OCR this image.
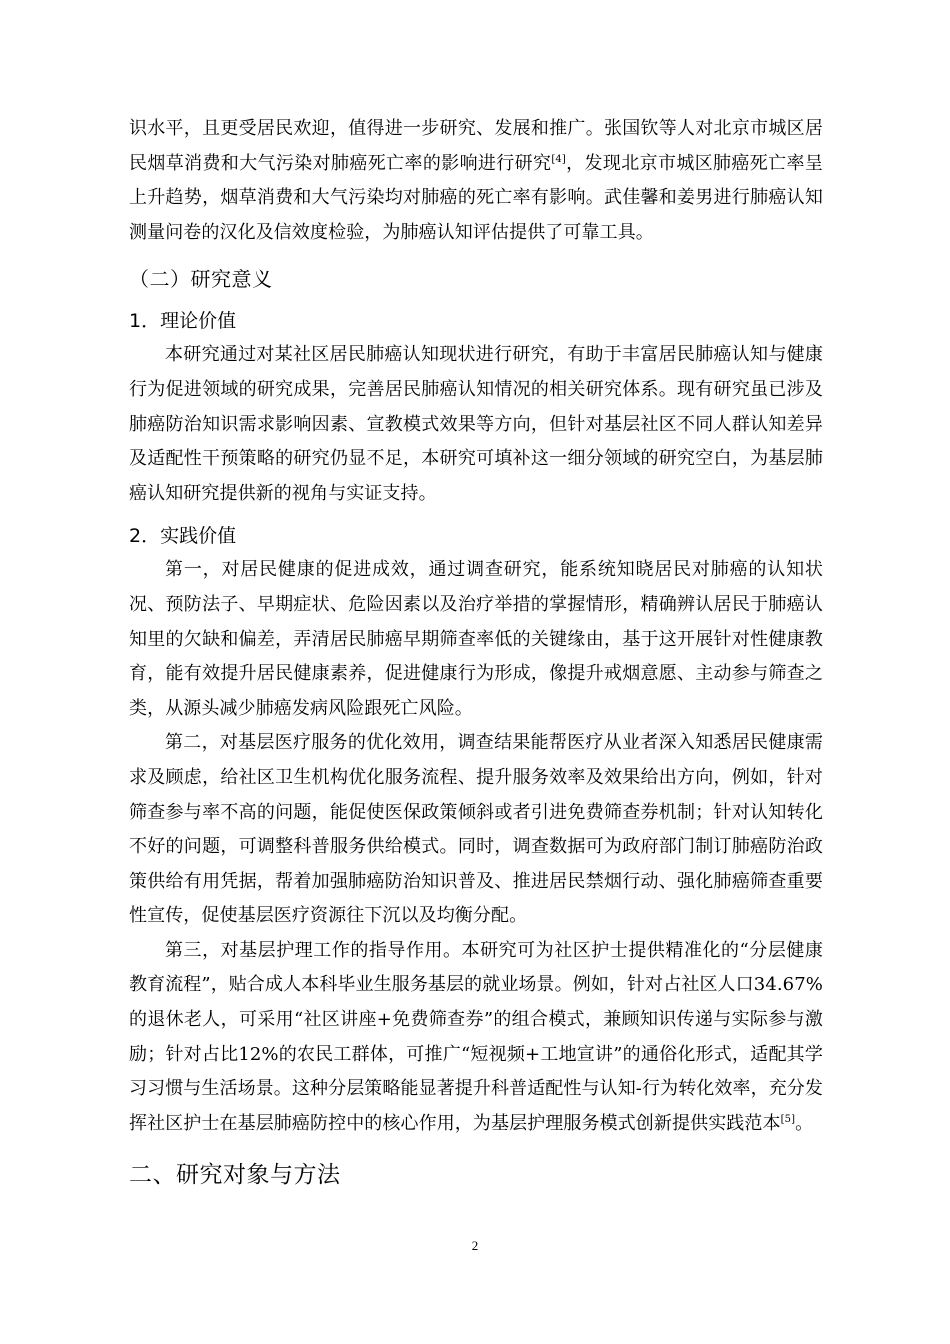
识水平，且更受居民欢迎，值得进一步研究、发展和推广。张国钦等人对北京市城区居民烟草消费和大气污染对肺癌死亡率的影响进行研究[4]，发现北京市城区肺癌死亡率呈上升趋势，烟草消费和大气污染均对肺癌的死亡率有影响。武佳馨和姜男进行肺癌认知测量问卷的汉化及信效度检验，为肺癌认知评估提供了可靠工具。

（二）研究意义
1．理论价值

本研究通过对某社区居民肺癌认知现状进行研究，有助于丰富居民肺癌认知与健康行为促进领域的研究成果，完善居民肺癌认知情况的相关研究体系。现有研究虽已涉及肺癌防治知识需求影响因素、宣教模式效果等方向，但针对基层社区不同人群认知差异及适配性干预策略的研究仍显不足，本研究可填补这一细分领域的研究空白，为基层肺癌认知研究提供新的视角与实证支持。

2．实践价值

第一，对居民健康的促进成效，通过调查研究，能系统知晓居民对肺癌的认知状况、预防法子、早期症状、危险因素以及治疗举措的掌握情形，精确辨认居民于肺癌认知里的欠缺和偏差，弄清居民肺癌早期筛查率低的关键缘由，基于这开展针对性健康教育，能有效提升居民健康素养，促进健康行为形成，像提升戒烟意愿、主动参与筛查之类，从源头减少肺癌发病风险跟死亡风险。

第二，对基层医疗服务的优化效用，调查结果能帮医疗从业者深入知悉居民健康需求及顾虑，给社区卫生机构优化服务流程、提升服务效率及效果给出方向，例如，针对筛查参与率不高的问题，能促使医保政策倾斜或者引进免费筛查券机制；针对认知转化不好的问题，可调整科普服务供给模式。同时，调查数据可为政府部门制订肺癌防治政策供给有用凭据，帮着加强肺癌防治知识普及、推进居民禁烟行动、强化肺癌筛查重要性宣传，促使基层医疗资源往下沉以及均衡分配。

第三，对基层护理工作的指导作用。本研究可为社区护士提供精准化的“分层健康教育流程”，贴合成人本科毕业生服务基层的就业场景。例如，针对占社区人口34.67%的退休老人，可采用“社区讲座+免费筛查券”的组合模式，兼顾知识传递与实际参与激励；针对占比12%的农民工群体，可推广“短视频+工地宣讲”的通俗化形式，适配其学习习惯与生活场景。这种分层策略能显著提升科普适配性与认知-行为转化效率，充分发挥社区护士在基层肺癌防控中的核心作用，为基层护理服务模式创新提供实践范本[5]。

二、研究对象与方法
2
